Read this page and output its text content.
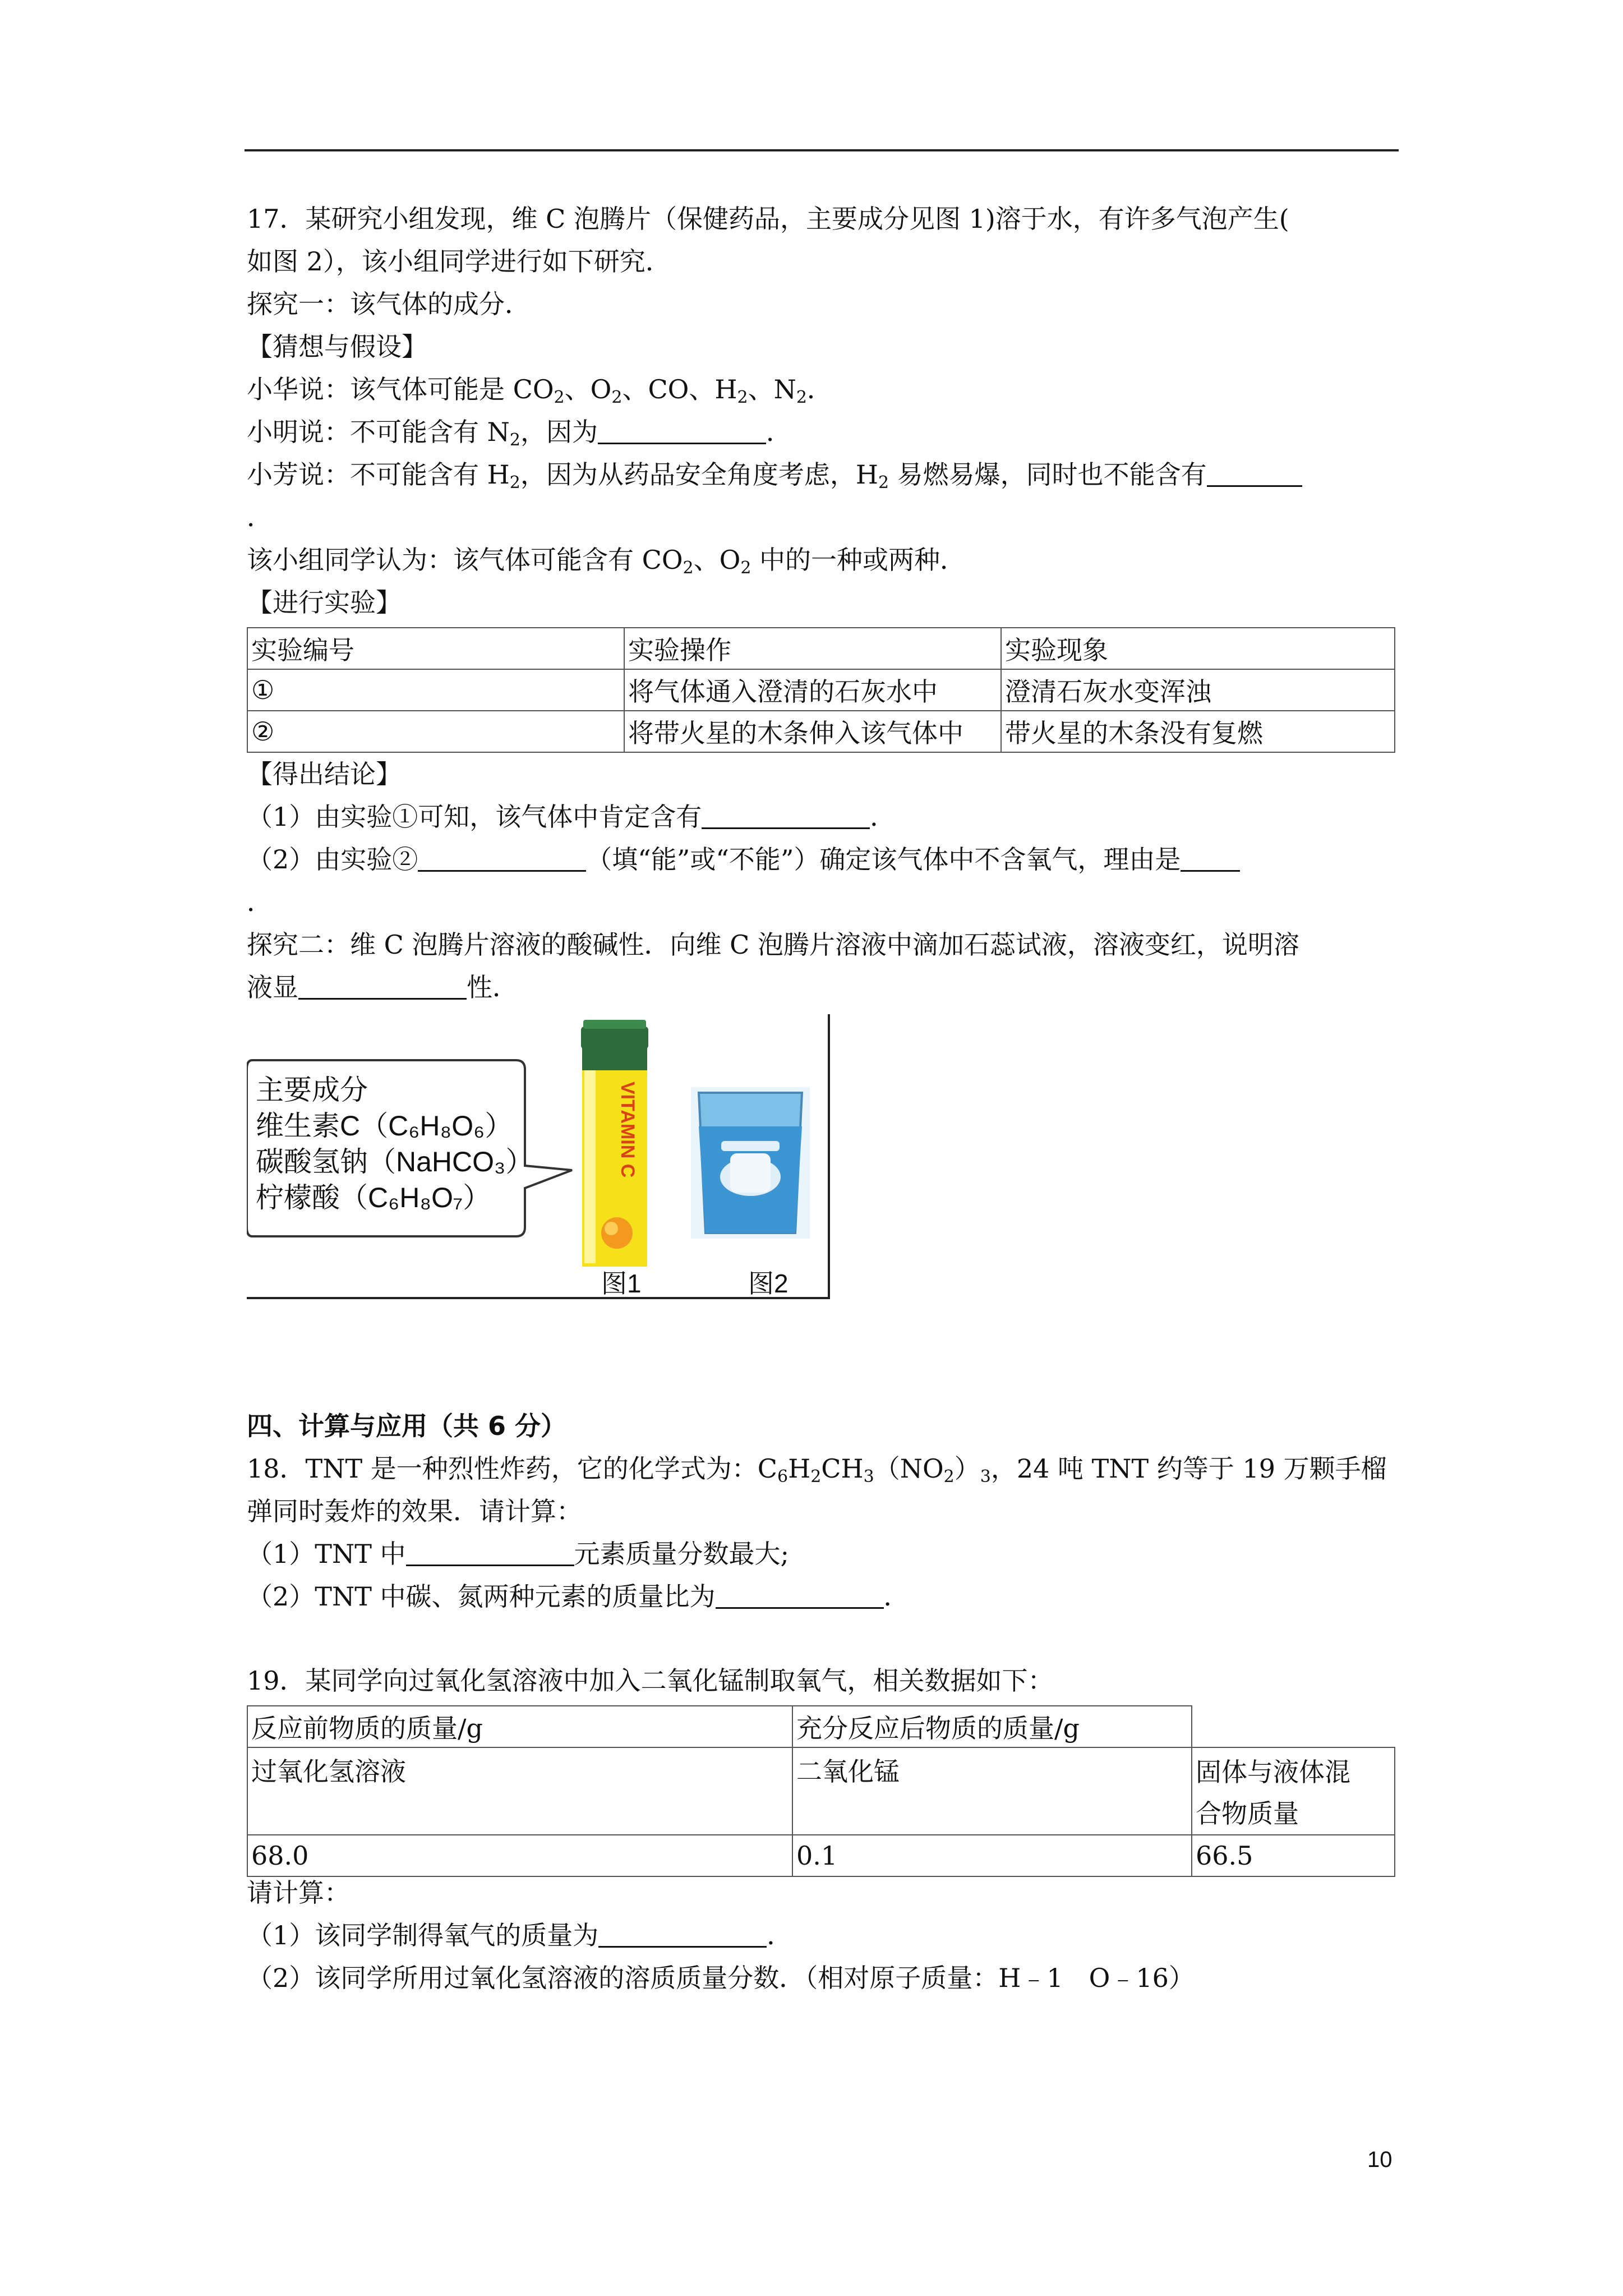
17．某研究小组发现，维 C 泡腾片（保健药品，主要成分见图 1)溶于水，有许多气泡产生(
如图 2），该小组同学进行如下研究．
探究一：该气体的成分．
【猜想与假设】
小华说：该气体可能是 $CO_2$、$O_2$、CO、$H_2$、$N_2$．
小明说：不可能含有 $N_2$，因为	．
小芳说：不可能含有 $H_2$，因为从药品安全角度考虑，$H_2$ 易燃易爆，同时也不能含有
．
该小组同学认为：该气体可能含有 $CO_2$、$O_2$ 中的一种或两种．
【进行实验】
实验编号	实验操作	实验现象
①	将气体通入澄清的石灰水中	澄清石灰水变浑浊
②	将带火星的木条伸入该气体中	带火星的木条没有复燃
【得出结论】
（1）由实验①可知，该气体中肯定含有	．
（2）由实验②	（填“能”或“不能”）确定该气体中不含氧气，理由是
．
探究二：维 C 泡腾片溶液的酸碱性．向维 C 泡腾片溶液中滴加石蕊试液，溶液变红，说明溶
液显	性．
主要成分
维生素C（C₆H₈O₆）
碳酸氢钠（NaHCO₃）
柠檬酸（C₆H₈O₇）
VITAMIN C
图1	图2
四、计算与应用（共 6 分）
18．TNT 是一种烈性炸药，它的化学式为：$C_6H_2CH_3(NO_2)_3$，24 吨 TNT 约等于 19 万颗手榴
弹同时轰炸的效果．请计算：
（1）TNT 中	元素质量分数最大;
（2）TNT 中碳、氮两种元素的质量比为	．
19．某同学向过氧化氢溶液中加入二氧化锰制取氧气，相关数据如下：
反应前物质的质量/g	充分反应后物质的质量/g	
过氧化氢溶液	二氧化锰	固体与液体混
合物质量

68.0	0.1	66.5
请计算：
（1）该同学制得氧气的质量为	．
（2）该同学所用过氧化氢溶液的溶质质量分数．（相对原子质量：H﹣1　O﹣16）
10
